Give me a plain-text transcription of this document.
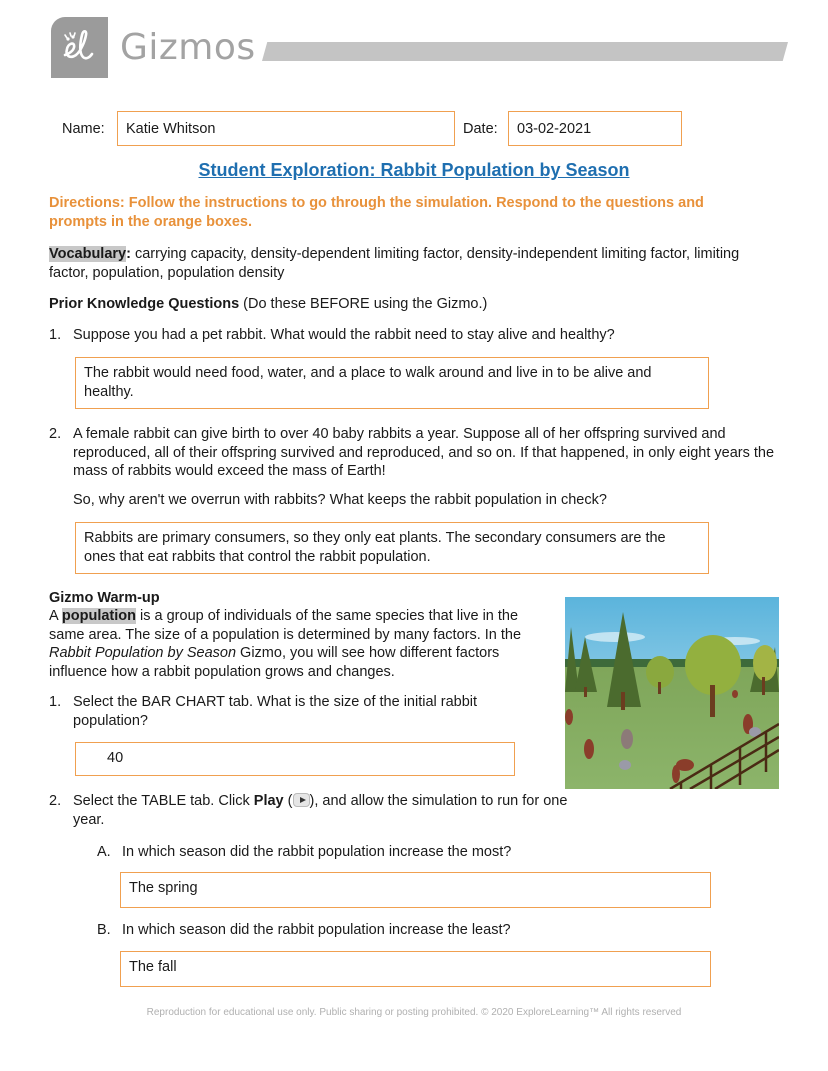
Gizmos
Name: Katie Whitson	Date: 03-02-2021
Student Exploration: Rabbit Population by Season
Directions: Follow the instructions to go through the simulation. Respond to the questions and prompts in the orange boxes.
Vocabulary: carrying capacity, density-dependent limiting factor, density-independent limiting factor, limiting factor, population, population density
Prior Knowledge Questions (Do these BEFORE using the Gizmo.)
1. Suppose you had a pet rabbit. What would the rabbit need to stay alive and healthy?
The rabbit would need food, water, and a place to walk around and live in to be alive and healthy.
2. A female rabbit can give birth to over 40 baby rabbits a year. Suppose all of her offspring survived and reproduced, all of their offspring survived and reproduced, and so on. If that happened, in only eight years the mass of rabbits would exceed the mass of Earth!
So, why aren't we overrun with rabbits? What keeps the rabbit population in check?
Rabbits are primary consumers, so they only eat plants. The secondary consumers are the ones that eat rabbits that control the rabbit population.
Gizmo Warm-up
A population is a group of individuals of the same species that live in the same area. The size of a population is determined by many factors. In the Rabbit Population by Season Gizmo, you will see how different factors influence how a rabbit population grows and changes.
1. Select the BAR CHART tab. What is the size of the initial rabbit population?
40
2. Select the TABLE tab. Click Play ( ), and allow the simulation to run for one year.
A. In which season did the rabbit population increase the most?
The spring
B. In which season did the rabbit population increase the least?
The fall
Reproduction for educational use only. Public sharing or posting prohibited. © 2020 ExploreLearning™ All rights reserved
